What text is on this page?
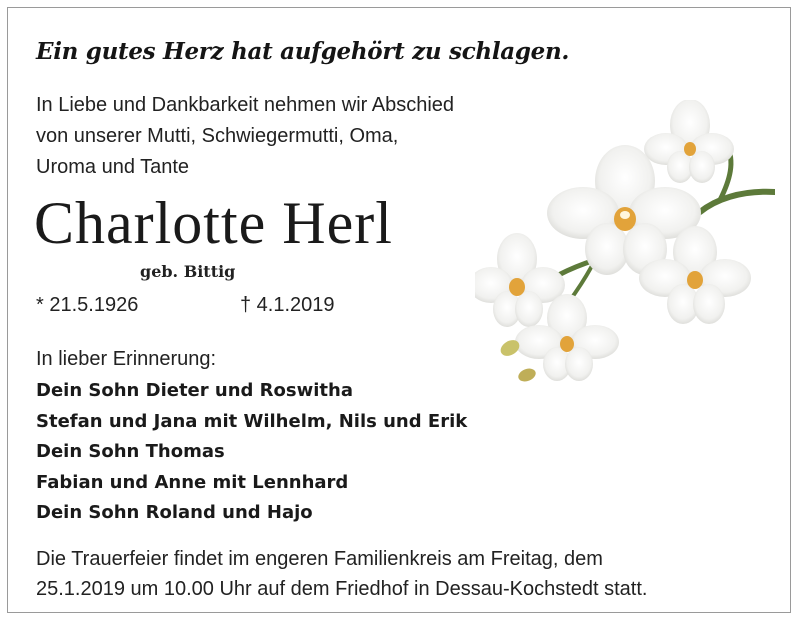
Ein gutes Herz hat aufgehört zu schlagen.
In Liebe und Dankbarkeit nehmen wir Abschied
von unserer Mutti, Schwiegermutti, Oma,
Uroma und Tante
Charlotte Herl
geb. Bittig
* 21.5.1926	† 4.1.2019
In lieber Erinnerung:
Dein Sohn Dieter und Roswitha
Stefan und Jana mit Wilhelm, Nils und Erik
Dein Sohn Thomas
Fabian und Anne mit Lennhard
Dein Sohn Roland und Hajo
Die Trauerfeier findet im engeren Familienkreis am Freitag, dem
25.1.2019 um 10.00 Uhr auf dem Friedhof in Dessau-Kochstedt statt.
